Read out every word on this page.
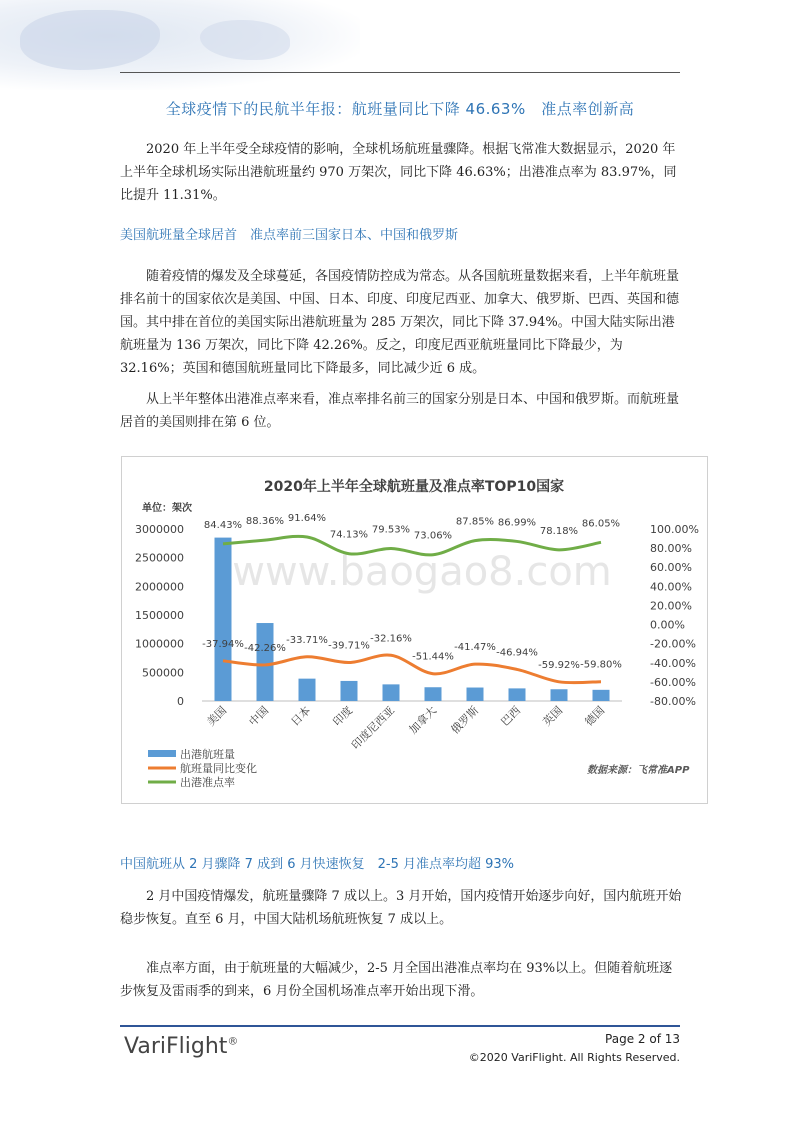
全球疫情下的民航半年报：航班量同比下降 46.63%　准点率创新高

2020 年上半年受全球疫情的影响，全球机场航班量骤降。根据飞常准大数据显示，2020 年上半年全球机场实际出港航班量约 970 万架次，同比下降 46.63%；出港准点率为 83.97%，同比提升 11.31%。

美国航班量全球居首　准点率前三国家日本、中国和俄罗斯

随着疫情的爆发及全球蔓延，各国疫情防控成为常态。从各国航班量数据来看，上半年航班量排名前十的国家依次是美国、中国、日本、印度、印度尼西亚、加拿大、俄罗斯、巴西、英国和德国。其中排在首位的美国实际出港航班量为 285 万架次，同比下降 37.94%。中国大陆实际出港航班量为 136 万架次，同比下降 42.26%。反之，印度尼西亚航班量同比下降最少，为 32.16%；英国和德国航班量同比下降最多，同比减少近 6 成。

从上半年整体出港准点率来看，准点率排名前三的国家分别是日本、中国和俄罗斯。而航班量居首的美国则排在第 6 位。

2020年上半年全球航班量及准点率TOP10国家
单位：架次
www.baogao8.com
数据来源：飞常准APP
0
500000
1000000
1500000
2000000
2500000
3000000
-80.00%
-60.00%
-40.00%
-20.00%
0.00%
20.00%
40.00%
60.00%
80.00%
100.00%
-37.94% -42.26%
-33.71%
-39.71%
-32.16%
-51.44%
-41.47% -46.94%
-59.92% -59.80%
84.43% 88.36% 91.64%
74.13% 79.53%
73.06%
87.85% 86.99%
78.18%
86.05%
美国 中国 日本 印度
印度尼西亚 加拿大 俄罗斯 巴西 英国 德国
出港航班量
航班量同比变化
出港准点率
中国航班从 2 月骤降 7 成到 6 月快速恢复　2-5 月准点率均超 93%

2 月中国疫情爆发，航班量骤降 7 成以上。3 月开始，国内疫情开始逐步向好，国内航班开始稳步恢复。直至 6 月，中国大陆机场航班恢复 7 成以上。

准点率方面，由于航班量的大幅减少，2-5 月全国出港准点率均在 93%以上。但随着航班逐步恢复及雷雨季的到来，6 月份全国机场准点率开始出现下滑。

VariFlight®	Page 2 of 13
©2020 VariFlight. All Rights Reserved.
